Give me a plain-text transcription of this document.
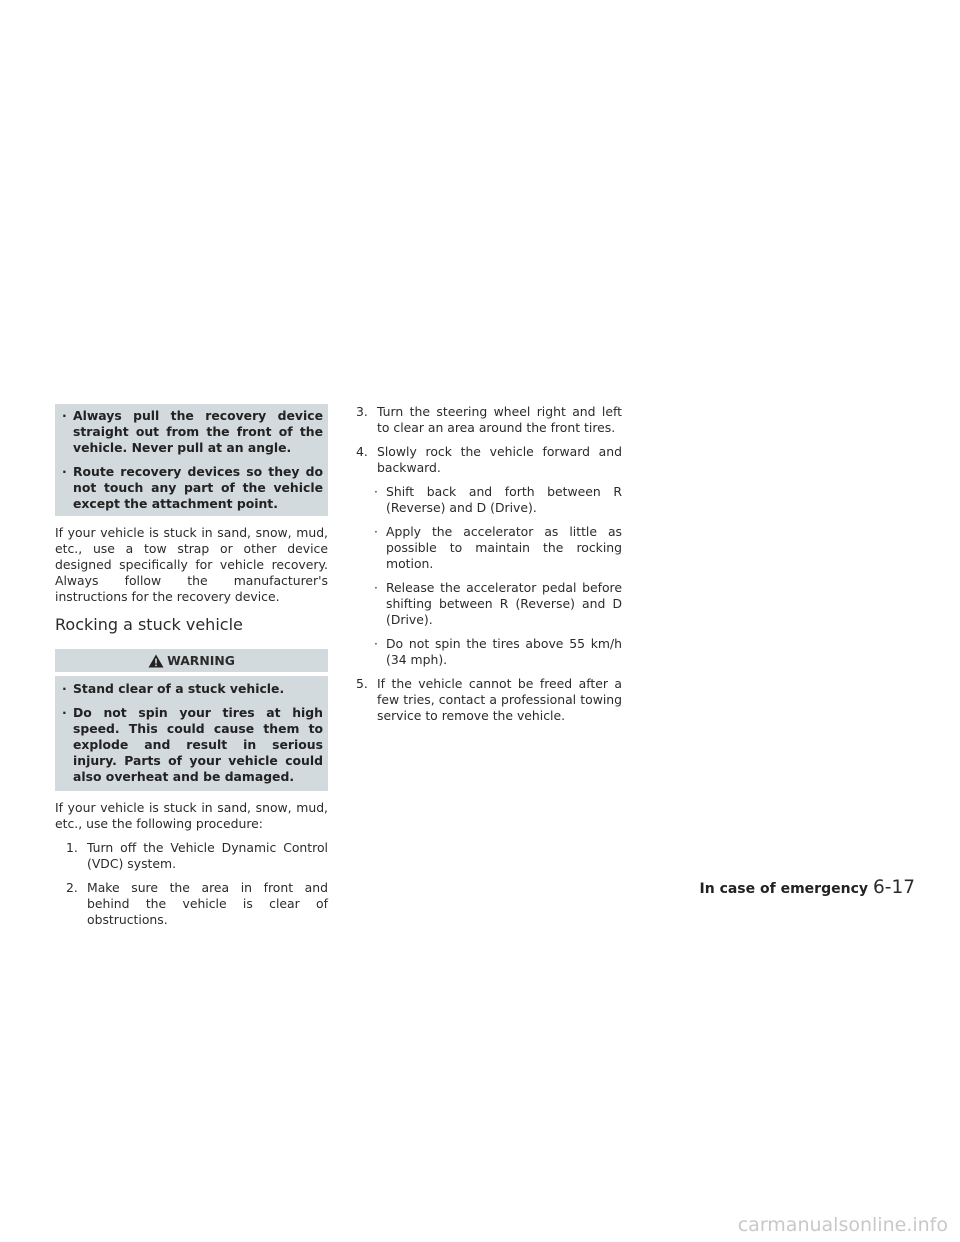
· Always pull the recovery device straight out from the front of the vehicle. Never pull at an angle.
· Route recovery devices so they do not touch any part of the vehicle except the attachment point.
If your vehicle is stuck in sand, snow, mud, etc., use a tow strap or other device designed specifically for vehicle recovery. Always follow the manufacturer's instructions for the recovery device.
Rocking a stuck vehicle
WARNING
· Stand clear of a stuck vehicle.
· Do not spin your tires at high speed. This could cause them to explode and result in serious injury. Parts of your vehicle could also overheat and be damaged.
If your vehicle is stuck in sand, snow, mud, etc., use the following procedure:
1. Turn off the Vehicle Dynamic Control (VDC) system.
2. Make sure the area in front and behind the vehicle is clear of obstructions.
3. Turn the steering wheel right and left to clear an area around the front tires.
4. Slowly rock the vehicle forward and backward.
· Shift back and forth between R (Reverse) and D (Drive).
· Apply the accelerator as little as possible to maintain the rocking motion.
· Release the accelerator pedal before shifting between R (Reverse) and D (Drive).
· Do not spin the tires above 55 km/h (34 mph).
5. If the vehicle cannot be freed after a few tries, contact a professional towing service to remove the vehicle.
In case of emergency 6-17
carmanualsonline.info
